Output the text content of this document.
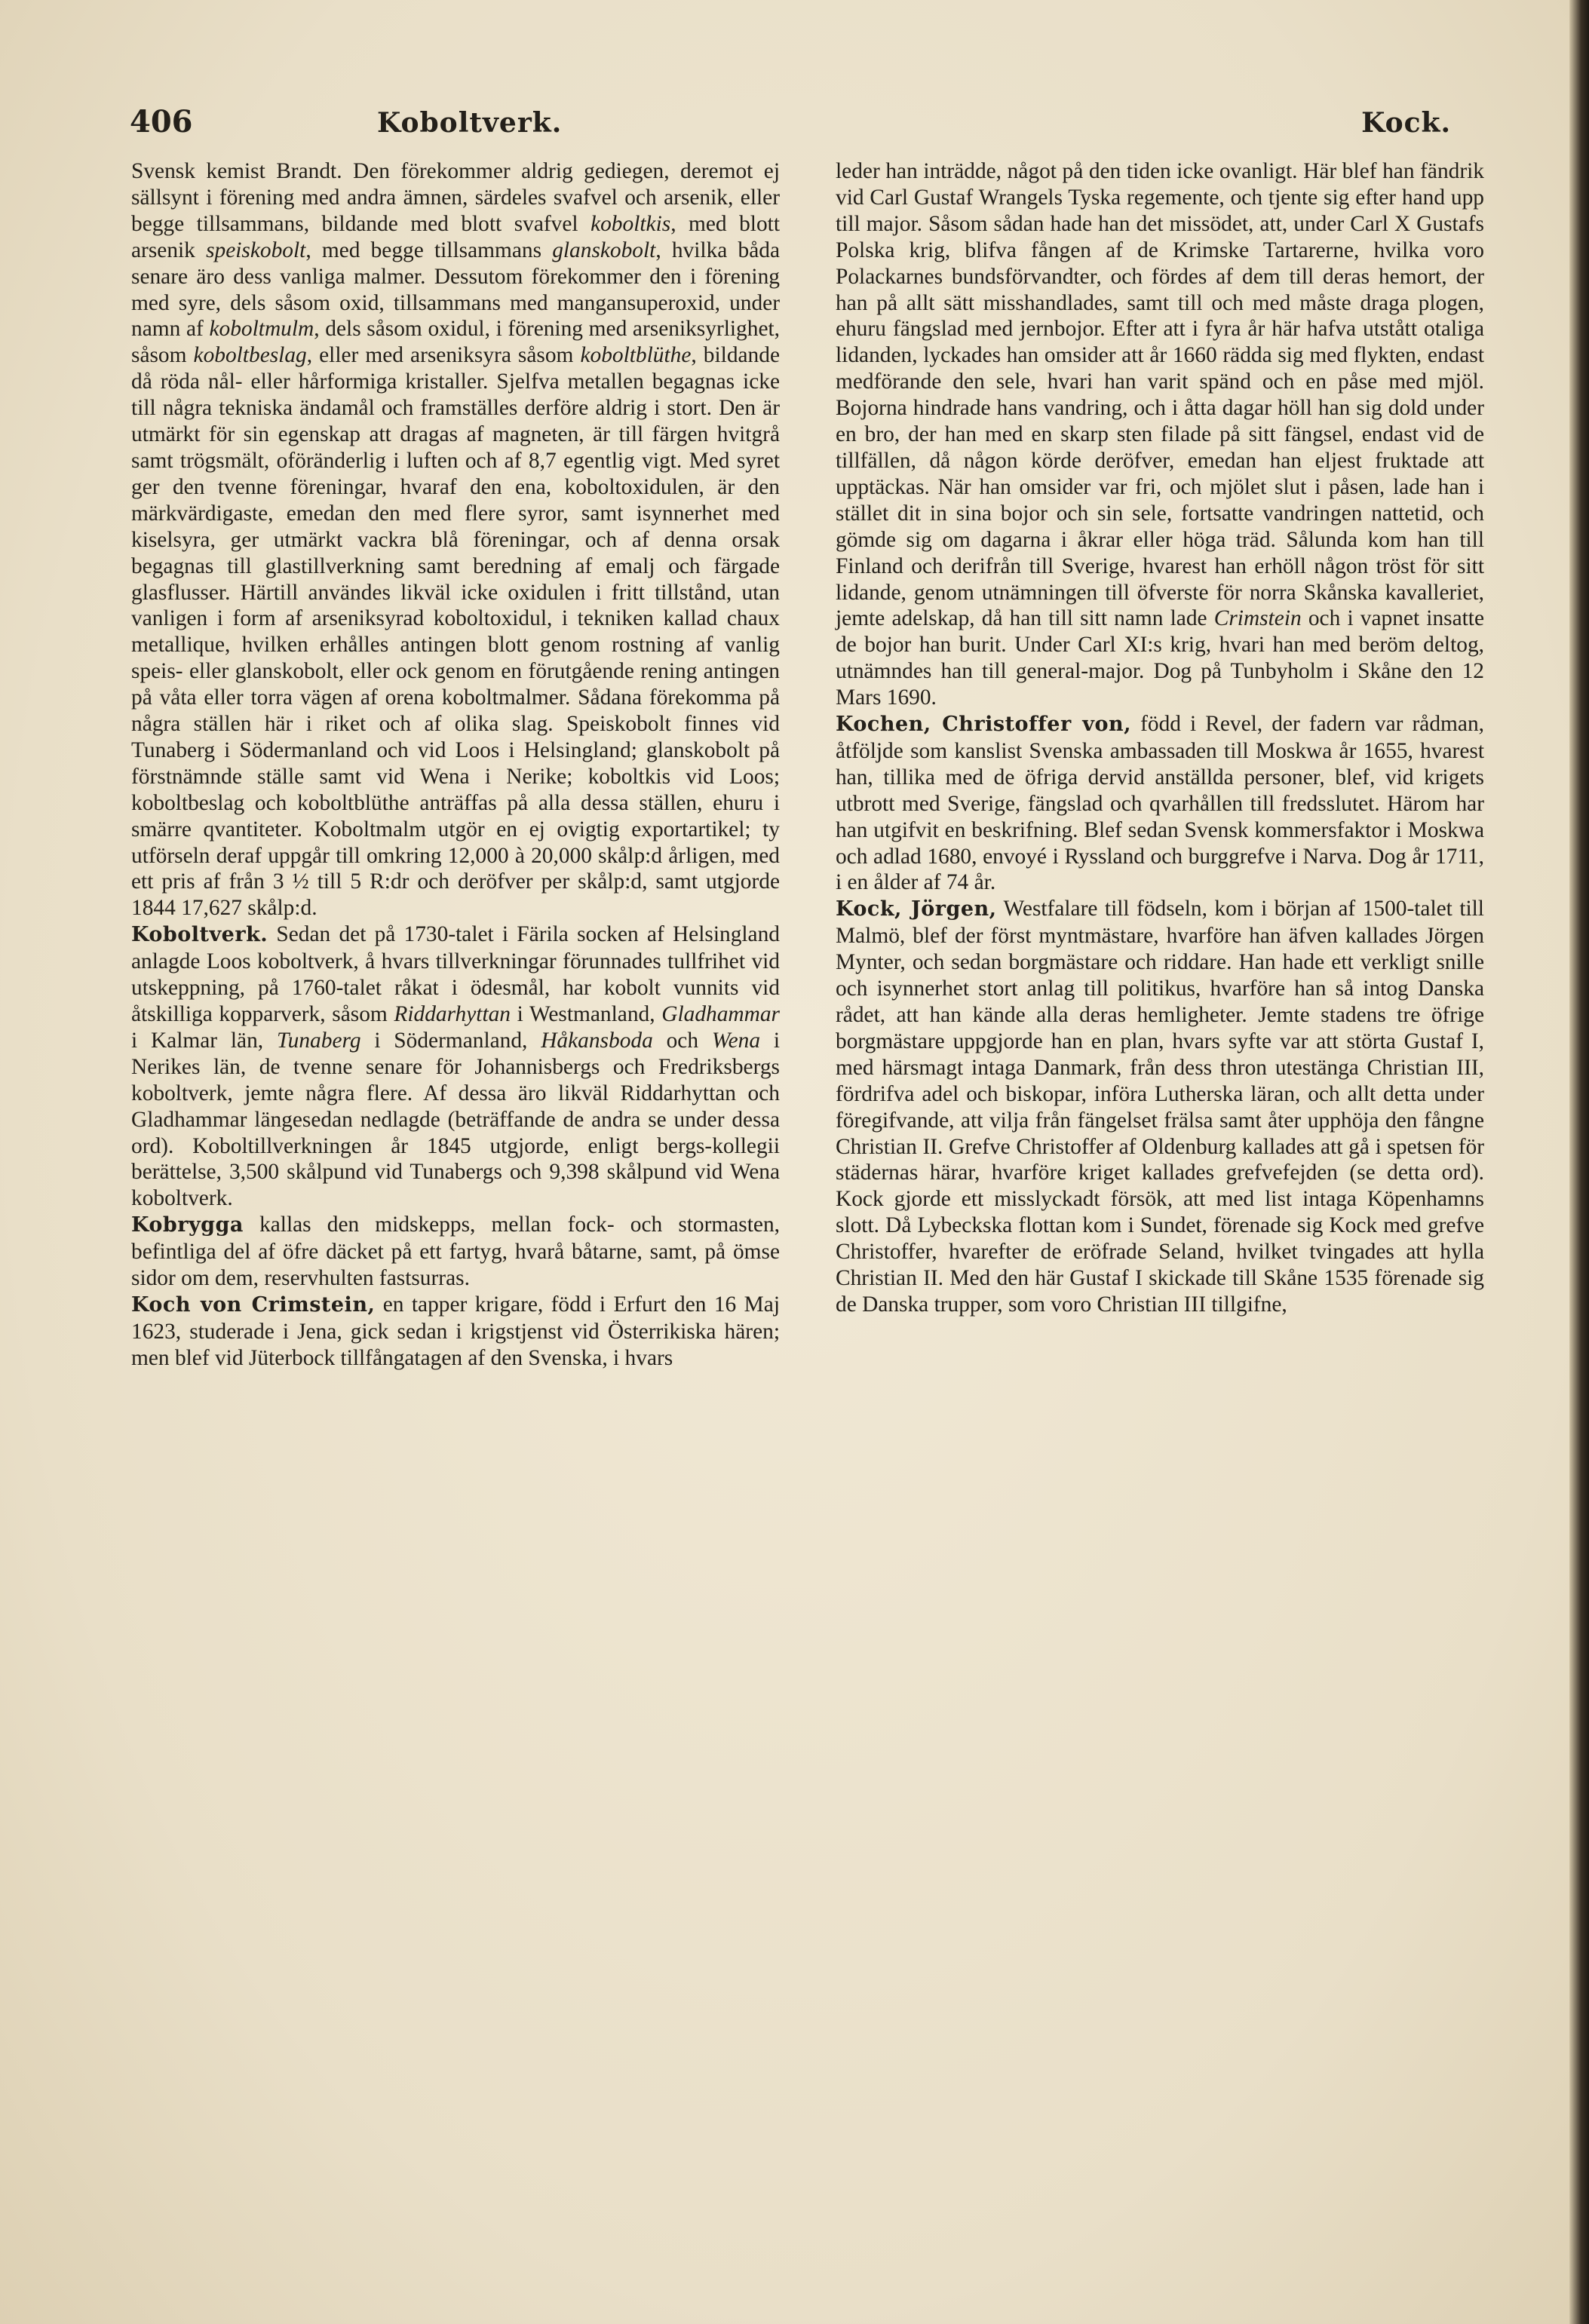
406	Koboltverk.	Kock.

Svensk kemist Brandt. Den förekommer aldrig gediegen, deremot ej sällsynt i förening med andra ämnen, särdeles svafvel och arsenik, eller begge tillsammans, bildande med blott svafvel koboltkis, med blott arsenik speiskobolt, med begge tillsammans glanskobolt, hvilka båda senare äro dess vanliga malmer. Dessutom förekommer den i förening med syre, dels såsom oxid, tillsammans med mangansuperoxid, under namn af koboltmulm, dels såsom oxidul, i förening med arseniksyrlighet, såsom koboltbeslag, eller med arseniksyra såsom koboltblüthe, bildande då röda nål- eller hårformiga kristaller. Sjelfva metallen begagnas icke till några tekniska ändamål och framställes derföre aldrig i stort. Den är utmärkt för sin egenskap att dragas af magneten, är till färgen hvitgrå samt trögsmält, oföränderlig i luften och af 8,7 egentlig vigt. Med syret ger den tvenne föreningar, hvaraf den ena, koboltoxidulen, är den märkvärdigaste, emedan den med flere syror, samt isynnerhet med kiselsyra, ger utmärkt vackra blå föreningar, och af denna orsak begagnas till glastillverkning samt beredning af emalj och färgade glasflusser. Härtill användes likväl icke oxidulen i fritt tillstånd, utan vanligen i form af arseniksyrad koboltoxidul, i tekniken kallad chaux metallique, hvilken erhålles antingen blott genom rostning af vanlig speis- eller glanskobolt, eller ock genom en förutgående rening antingen på våta eller torra vägen af orena koboltmalmer. Sådana förekomma på några ställen här i riket och af olika slag. Speiskobolt finnes vid Tunaberg i Södermanland och vid Loos i Helsingland; glanskobolt på förstnämnde ställe samt vid Wena i Nerike; koboltkis vid Loos; koboltbeslag och koboltblüthe anträffas på alla dessa ställen, ehuru i smärre qvantiteter. Koboltmalm utgör en ej ovigtig exportartikel; ty utförseln deraf uppgår till omkring 12,000 à 20,000 skålp:d årligen, med ett pris af från 3 ½ till 5 R:dr och deröfver per skålp:d, samt utgjorde 1844 17,627 skålp:d.

Koboltverk. Sedan det på 1730-talet i Färila socken af Helsingland anlagde Loos koboltverk, å hvars tillverkningar förunnades tullfrihet vid utskeppning, på 1760-talet råkat i ödesmål, har kobolt vunnits vid åtskilliga kopparverk, såsom Riddarhyttan i Westmanland, Gladhammar i Kalmar län, Tunaberg i Södermanland, Håkansboda och Wena i Nerikes län, de tvenne senare för Johannisbergs och Fredriksbergs koboltverk, jemte några flere. Af dessa äro likväl Riddarhyttan och Gladhammar längesedan nedlagde (beträffande de andra se under dessa ord). Koboltillverkningen år 1845 utgjorde, enligt bergs-kollegii berättelse, 3,500 skålpund vid Tunabergs och 9,398 skålpund vid Wena koboltverk.

Kobrygga kallas den midskepps, mellan fock- och stormasten, befintliga del af öfre däcket på ett fartyg, hvarå båtarne, samt, på ömse sidor om dem, reservhulten fastsurras.

Koch von Crimstein, en tapper krigare, född i Erfurt den 16 Maj 1623, studerade i Jena, gick sedan i krigstjenst vid Österrikiska hären; men blef vid Jüterbock tillfångatagen af den Svenska, i hvars

leder han inträdde, något på den tiden icke ovanligt. Här blef han fändrik vid Carl Gustaf Wrangels Tyska regemente, och tjente sig efter hand upp till major. Såsom sådan hade han det missödet, att, under Carl X Gustafs Polska krig, blifva fången af de Krimske Tartarerne, hvilka voro Polackarnes bundsförvandter, och fördes af dem till deras hemort, der han på allt sätt misshandlades, samt till och med måste draga plogen, ehuru fängslad med jernbojor. Efter att i fyra år här hafva utstått otaliga lidanden, lyckades han omsider att år 1660 rädda sig med flykten, endast medförande den sele, hvari han varit spänd och en påse med mjöl. Bojorna hindrade hans vandring, och i åtta dagar höll han sig dold under en bro, der han med en skarp sten filade på sitt fängsel, endast vid de tillfällen, då någon körde deröfver, emedan han eljest fruktade att upptäckas. När han omsider var fri, och mjölet slut i påsen, lade han i stället dit in sina bojor och sin sele, fortsatte vandringen nattetid, och gömde sig om dagarna i åkrar eller höga träd. Sålunda kom han till Finland och derifrån till Sverige, hvarest han erhöll någon tröst för sitt lidande, genom utnämningen till öfverste för norra Skånska kavalleriet, jemte adelskap, då han till sitt namn lade Crimstein och i vapnet insatte de bojor han burit. Under Carl XI:s krig, hvari han med beröm deltog, utnämndes han till general-major. Dog på Tunbyholm i Skåne den 12 Mars 1690.

Kochen, Christoffer von, född i Revel, der fadern var rådman, åtföljde som kanslist Svenska ambassaden till Moskwa år 1655, hvarest han, tillika med de öfriga dervid anställda personer, blef, vid krigets utbrott med Sverige, fängslad och qvarhållen till fredsslutet. Härom har han utgifvit en beskrifning. Blef sedan Svensk kommersfaktor i Moskwa och adlad 1680, envoyé i Ryssland och burggrefve i Narva. Dog år 1711, i en ålder af 74 år.

Kock, Jörgen, Westfalare till födseln, kom i början af 1500-talet till Malmö, blef der först myntmästare, hvarföre han äfven kallades Jörgen Mynter, och sedan borgmästare och riddare. Han hade ett verkligt snille och isynnerhet stort anlag till politikus, hvarföre han så intog Danska rådet, att han kände alla deras hemligheter. Jemte stadens tre öfrige borgmästare uppgjorde han en plan, hvars syfte var att störta Gustaf I, med härsmagt intaga Danmark, från dess thron utestänga Christian III, fördrifva adel och biskopar, införa Lutherska läran, och allt detta under föregifvande, att vilja från fängelset frälsa samt åter upphöja den fångne Christian II. Grefve Christoffer af Oldenburg kallades att gå i spetsen för städernas härar, hvarföre kriget kallades grefvefejden (se detta ord). Kock gjorde ett misslyckadt försök, att med list intaga Köpenhamns slott. Då Lybeckska flottan kom i Sundet, förenade sig Kock med grefve Christoffer, hvarefter de eröfrade Seland, hvilket tvingades att hylla Christian II. Med den här Gustaf I skickade till Skåne 1535 förenade sig de Danska trupper, som voro Christian III tillgifne,
